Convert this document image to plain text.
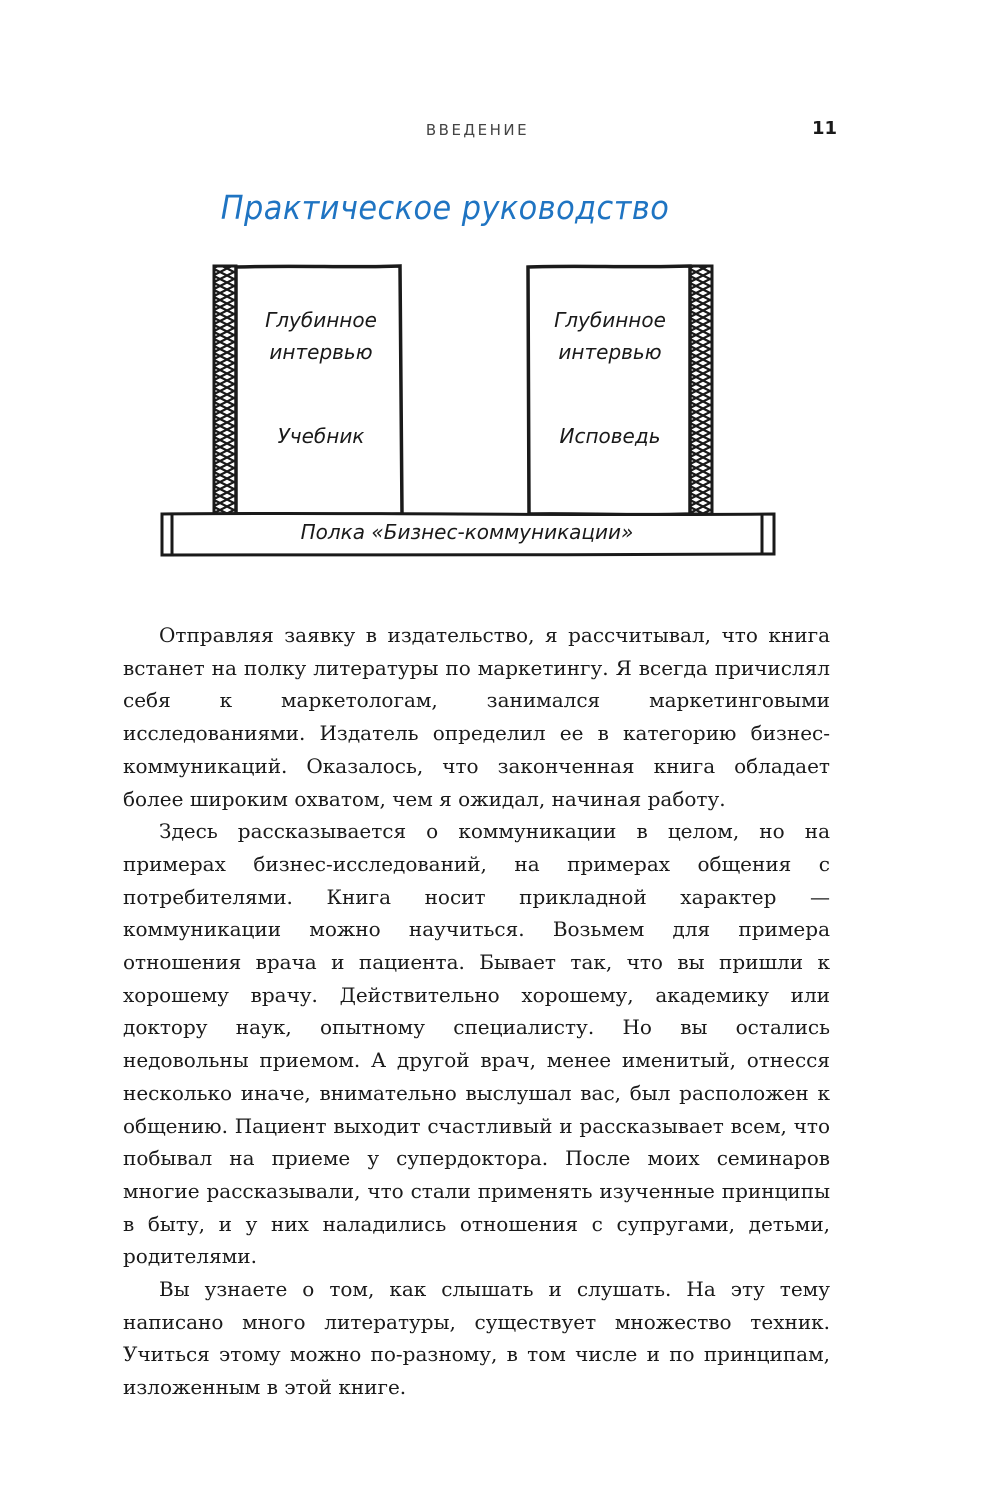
ВВЕДЕНИЕ	11
Практическое руководство
Глубинное
интервью
Учебник
Глубинное
интервью
Исповедь
Полка «Бизнес-коммуникации»

Отправляя заявку в издательство, я рассчитывал, что книга встанет на полку литературы по маркетингу. Я всегда причислял себя к маркетологам, занимался маркетинговыми исследованиями. Издатель определил ее в категорию бизнес-коммуникаций. Оказалось, что законченная книга обладает более широким охватом, чем я ожидал, начиная работу.

Здесь рассказывается о коммуникации в целом, но на примерах бизнес-исследований, на примерах общения с потребителями. Книга носит прикладной характер — коммуникации можно научиться. Возьмем для примера отношения врача и пациента. Бывает так, что вы пришли к хорошему врачу. Действительно хорошему, академику или доктору наук, опытному специалисту. Но вы остались недовольны приемом. А другой врач, менее именитый, отнесся несколько иначе, внимательно выслушал вас, был расположен к общению. Пациент выходит счастливый и рассказывает всем, что побывал на приеме у супердоктора. После моих семинаров многие рассказывали, что стали применять изученные принципы в быту, и у них наладились отношения с супругами, детьми, родителями.

Вы узнаете о том, как слышать и слушать. На эту тему написано много литературы, существует множество техник. Учиться этому можно по-разному, в том числе и по принципам, изложенным в этой книге.
